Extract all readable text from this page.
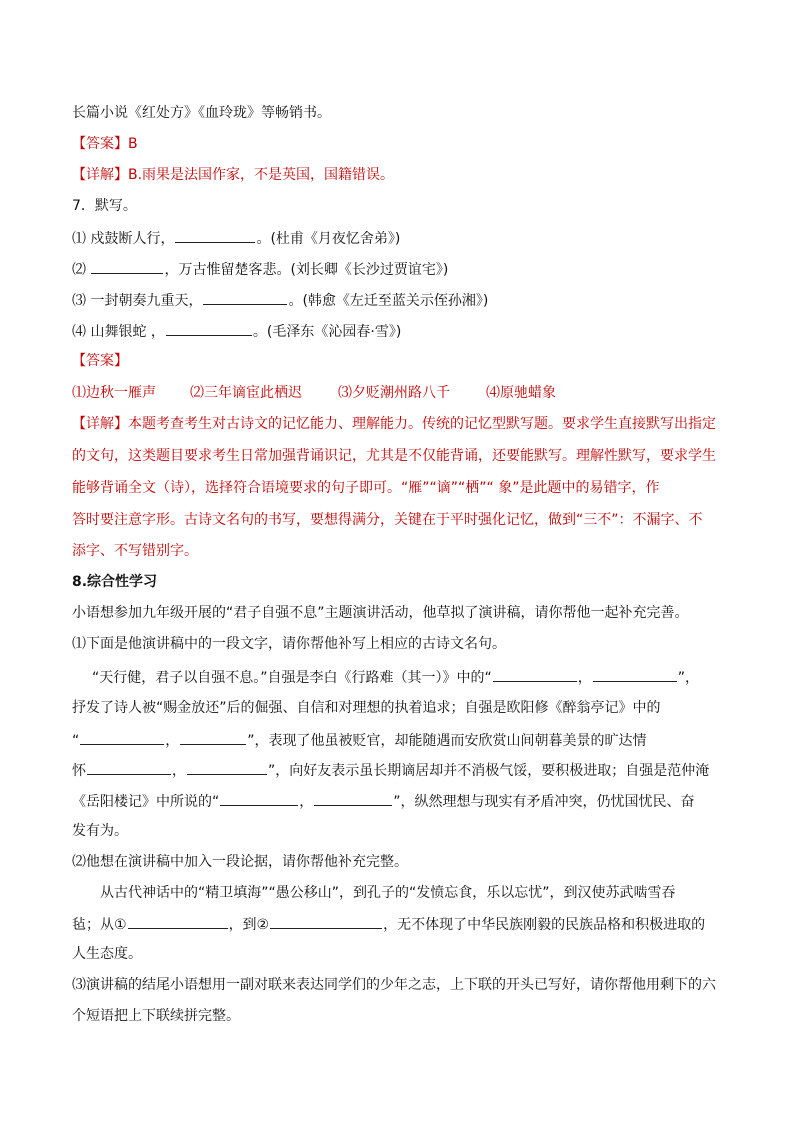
长篇小说《红处方》《血玲珑》等畅销书。
【答案】B
【详解】B.雨果是法国作家，不是英国，国籍错误。
7．默写。
⑴ 戍鼓断人行，	。(杜甫《月夜忆舍弟》)
⑵	，万古惟留楚客悲。(刘长卿《长沙过贾谊宅》)
⑶ 一封朝奏九重天，	。(韩愈《左迁至蓝关示侄孙湘》)
⑷ 山舞银蛇 ，	。(毛泽东《沁园春·雪》)
【答案】
⑴边秋一雁声 ⑵三年谪宦此栖迟	⑶夕贬潮州路八千	⑷原驰蜡象
【详解】本题考查考生对古诗文的记忆能力、理解能力。传统的记忆型默写题。要求学生直接默写出指定
的文句，这类题目要求考生日常加强背诵识记，尤其是不仅能背诵，还要能默写。理解性默写，要求学生
能够背诵全文（诗），选择符合语境要求的句子即可。“雁”“谪”“栖”“ 象”是此题中的易错字，作
答时要注意字形。古诗文名句的书写，要想得满分，关键在于平时强化记忆，做到“三不”：不漏字、不
添字、不写错别字。
8.综合性学习
小语想参加九年级开展的“君子自强不息”主题演讲活动，他草拟了演讲稿，请你帮他一起补充完善。
⑴下面是他演讲稿中的一段文字，请你帮他补写上相应的古诗文名句。
“天行健，君子以自强不息。”自强是李白《行路难（其一）》中的“	，	”，
抒发了诗人被“赐金放还”后的倔强、自信和对理想的执着追求；自强是欧阳修《醉翁亭记》中的
“	，	”，表现了他虽被贬官，却能随遇而安欣赏山间朝暮美景的旷达情
怀	，	”，向好友表示虽长期谪居却并不消极气馁，要积极进取；自强是范仲淹
《岳阳楼记》中所说的“	，	”，纵然理想与现实有矛盾冲突，仍忧国忧民、奋
发有为。
⑵他想在演讲稿中加入一段论据，请你帮他补充完整。
从古代神话中的“精卫填海”“愚公移山”，到孔子的“发愤忘食，乐以忘忧”，到汉使苏武啮雪吞
毡；从①	，到②	，无不体现了中华民族刚毅的民族品格和积极进取的
人生态度。
⑶演讲稿的结尾小语想用一副对联来表达同学们的少年之志，上下联的开头已写好，请你帮他用剩下的六
个短语把上下联续拼完整。
